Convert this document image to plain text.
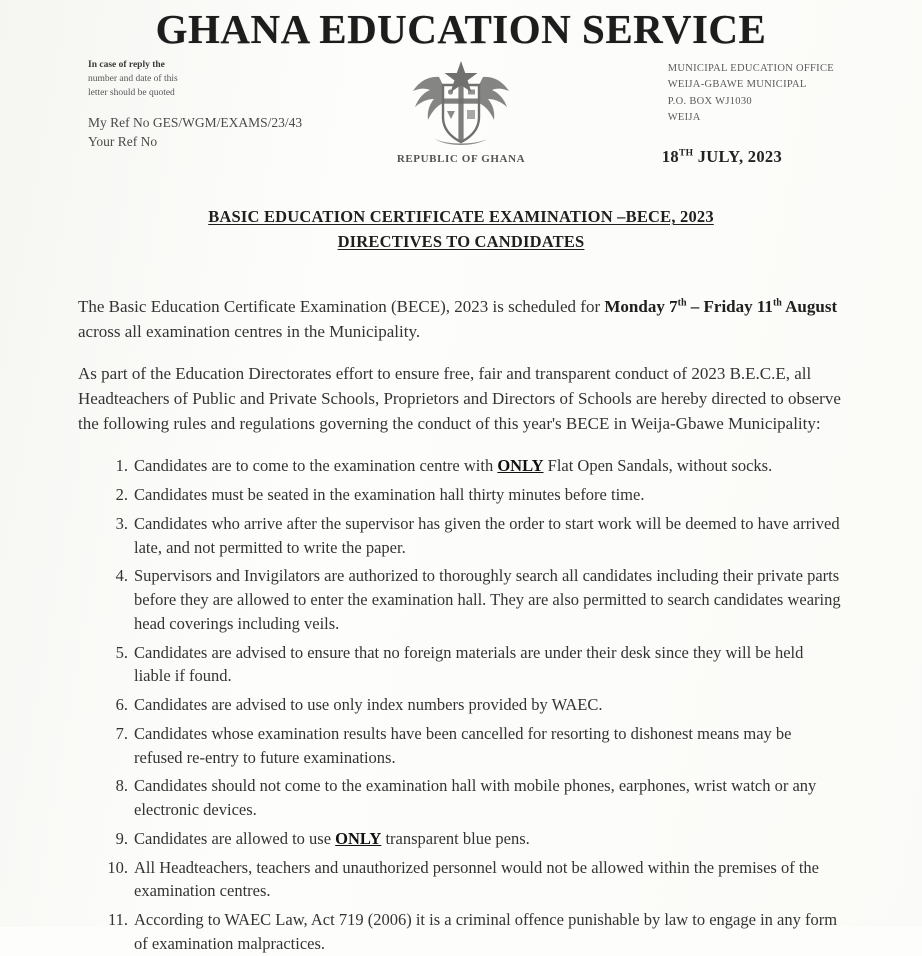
GHANA EDUCATION SERVICE
In case of reply the
number and date of this
letter should be quoted
My Ref No GES/WGM/EXAMS/23/43
Your Ref No
REPUBLIC OF GHANA
MUNICIPAL EDUCATION OFFICE
WEIJA-GBAWE MUNICIPAL
P.O. BOX WJ1030
WEIJA
18TH JULY, 2023
BASIC EDUCATION CERTIFICATE EXAMINATION –BECE, 2023
DIRECTIVES TO CANDIDATES

The Basic Education Certificate Examination (BECE), 2023 is scheduled for Monday 7th – Friday 11th August across all examination centres in the Municipality.

As part of the Education Directorates effort to ensure free, fair and transparent conduct of 2023 B.E.C.E, all Headteachers of Public and Private Schools, Proprietors and Directors of Schools are hereby directed to observe the following rules and regulations governing the conduct of this year's BECE in Weija-Gbawe Municipality:

1. Candidates are to come to the examination centre with ONLY Flat Open Sandals, without socks.
2. Candidates must be seated in the examination hall thirty minutes before time.
3. Candidates who arrive after the supervisor has given the order to start work will be deemed to have arrived late, and not permitted to write the paper.
4. Supervisors and Invigilators are authorized to thoroughly search all candidates including their private parts before they are allowed to enter the examination hall. They are also permitted to search candidates wearing head coverings including veils.
5. Candidates are advised to ensure that no foreign materials are under their desk since they will be held liable if found.
6. Candidates are advised to use only index numbers provided by WAEC.
7. Candidates whose examination results have been cancelled for resorting to dishonest means may be refused re-entry to future examinations.
8. Candidates should not come to the examination hall with mobile phones, earphones, wrist watch or any electronic devices.
9. Candidates are allowed to use ONLY transparent blue pens.
10. All Headteachers, teachers and unauthorized personnel would not be allowed within the premises of the examination centres.
11. According to WAEC Law, Act 719 (2006) it is a criminal offence punishable by law to engage in any form of examination malpractices.
